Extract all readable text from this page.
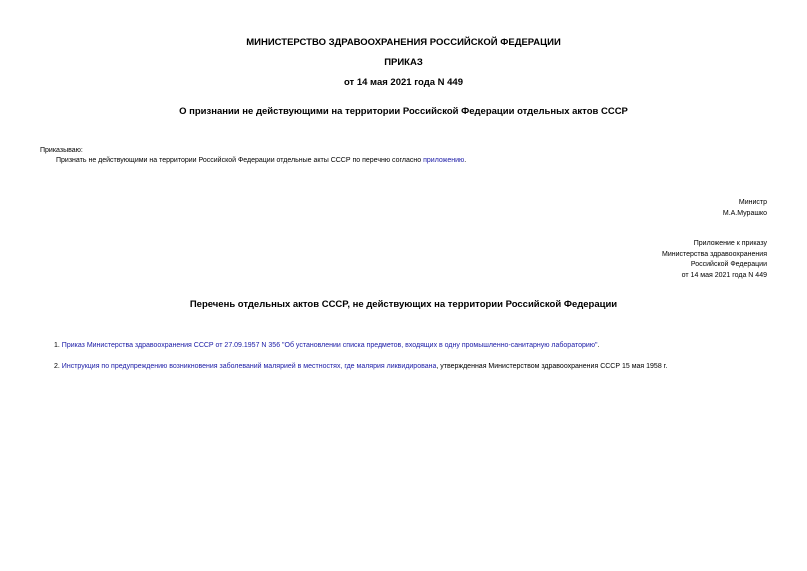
МИНИСТЕРСТВО ЗДРАВООХРАНЕНИЯ РОССИЙСКОЙ ФЕДЕРАЦИИ
ПРИКАЗ
от 14 мая 2021 года N 449
О признании не действующими на территории Российской Федерации отдельных актов СССР
Приказываю:
Признать не действующими на территории Российской Федерации отдельные акты СССР по перечню согласно приложению.
Министр
М.А.Мурашко
Приложение к приказу
Министерства здравоохранения
Российской Федерации
от 14 мая 2021 года N 449
Перечень отдельных актов СССР, не действующих на территории Российской Федерации
1. Приказ Министерства здравоохранения СССР от 27.09.1957 N 356 "Об установлении списка предметов, входящих в одну промышленно-санитарную лабораторию".
2. Инструкция по предупреждению возникновения заболеваний малярией в местностях, где малярия ликвидирована, утвержденная Министерством здравоохранения СССР 15 мая 1958 г.
